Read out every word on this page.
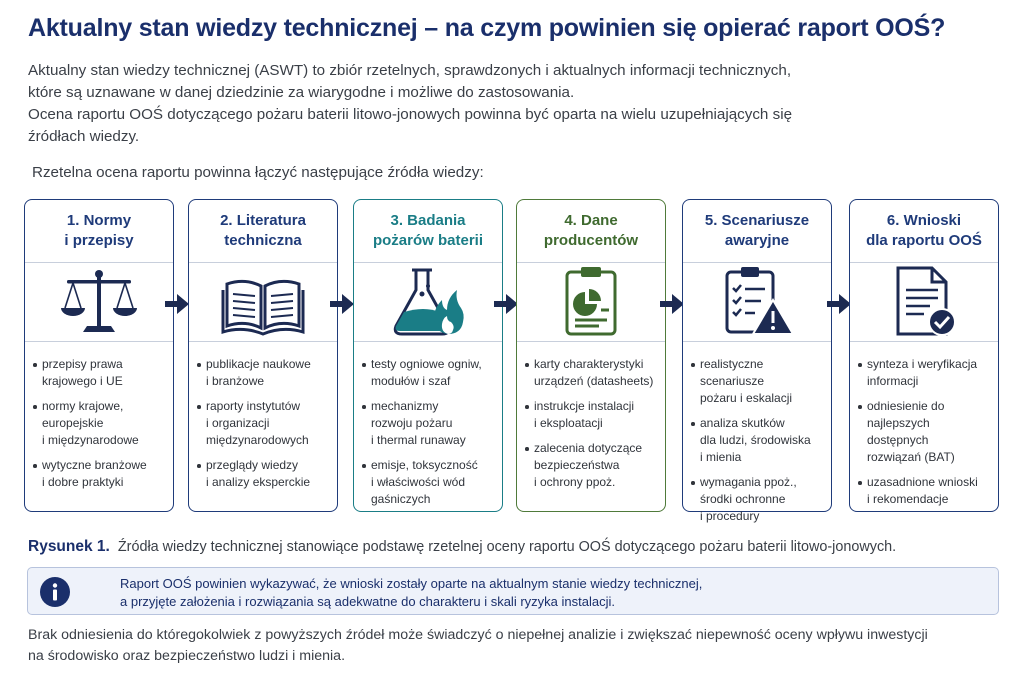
Aktualny stan wiedzy technicznej – na czym powinien się opierać raport OOŚ?

Aktualny stan wiedzy technicznej (ASWT) to zbiór rzetelnych, sprawdzonych i aktualnych informacji technicznych,

które są uznawane w danej dziedzinie za wiarygodne i możliwe do zastosowania.

Ocena raportu OOŚ dotyczącego pożaru baterii litowo-jonowych powinna być oparta na wielu uzupełniających się

źródłach wiedzy.

Rzetelna ocena raportu powinna łączyć następujące źródła wiedzy:
1. Normy
i przepisy
przepisy prawa
krajowego i UE
normy krajowe,
europejskie
i międzynarodowe
wytyczne branżowe
i dobre praktyki
2. Literatura
techniczna
publikacje naukowe
i branżowe
raporty instytutów
i organizacji
międzynarodowych
przeglądy wiedzy
i analizy eksperckie
3. Badania
pożarów baterii
testy ogniowe ogniw,
modułów i szaf
mechanizmy
rozwoju pożaru
i thermal runaway
emisje, toksyczność
i właściwości wód
gaśniczych
4. Dane
producentów
karty charakterystyki
urządzeń (datasheets)
instrukcje instalacji
i eksploatacji
zalecenia dotyczące
bezpieczeństwa
i ochrony ppoż.
5. Scenariusze
awaryjne
realistyczne scenariusze
pożaru i eskalacji
analiza skutków
dla ludzi, środowiska
i mienia
wymagania ppoż.,
środki ochronne
i procedury
6. Wnioski
dla raportu OOŚ
synteza i weryfikacja
informacji
odniesienie do
najlepszych dostępnych
rozwiązań (BAT)
uzasadnione wnioski
i rekomendacje
Rysunek 1. Źródła wiedzy technicznej stanowiące podstawę rzetelnej oceny raportu OOŚ dotyczącego pożaru baterii litowo-jonowych.
Raport OOŚ powinien wykazywać, że wnioski zostały oparte na aktualnym stanie wiedzy technicznej,
a przyjęte założenia i rozwiązania są adekwatne do charakteru i skali ryzyka instalacji.
Brak odniesienia do któregokolwiek z powyższych źródeł może świadczyć o niepełnej analizie i zwiększać niepewność oceny wpływu inwestycji
na środowisko oraz bezpieczeństwo ludzi i mienia.
